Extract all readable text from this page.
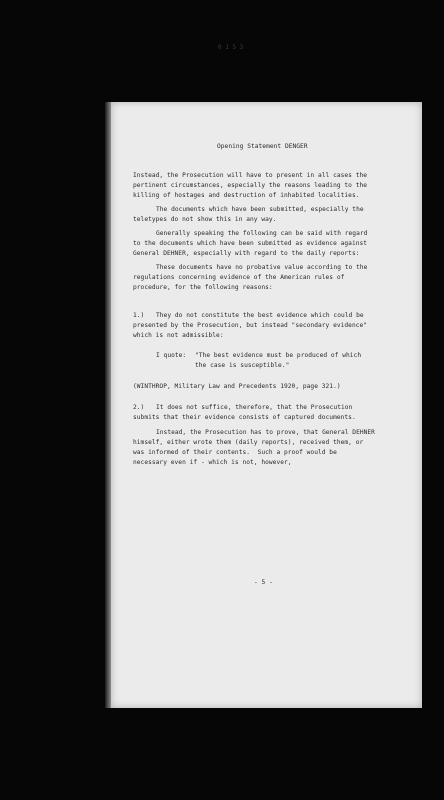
0 1 5 3
Opening Statement DENGER
Instead, the Prosecution will have to present in all cases the
pertinent circumstances, especially the reasons leading to the
killing of hostages and destruction of inhabited localities.
The documents which have been submitted, especially the
teletypes do not show this in any way.
Generally speaking the following can be said with regard
to the documents which have been submitted as evidence against
General DEHNER, especially with regard to the daily reports:
These documents have no probative value according to the
regulations concerning evidence of the American rules of
procedure, for the following reasons:
1.) They do not constitute the best evidence which could be
presented by the Prosecution, but instead "secondary evidence"
which is not admissible:
I quote: "The best evidence must be produced of which
the case is susceptible."
(WINTHROP, Military Law and Precedents 1920, page 321.)
2.) It does not suffice, therefore, that the Prosecution
submits that their evidence consists of captured documents.
Instead, the Prosecution has to prove, that General DEHNER
himself, either wrote them (daily reports), received them, or
was informed of their contents.  Such a proof would be
necessary even if - which is not, however,
- 5 -
